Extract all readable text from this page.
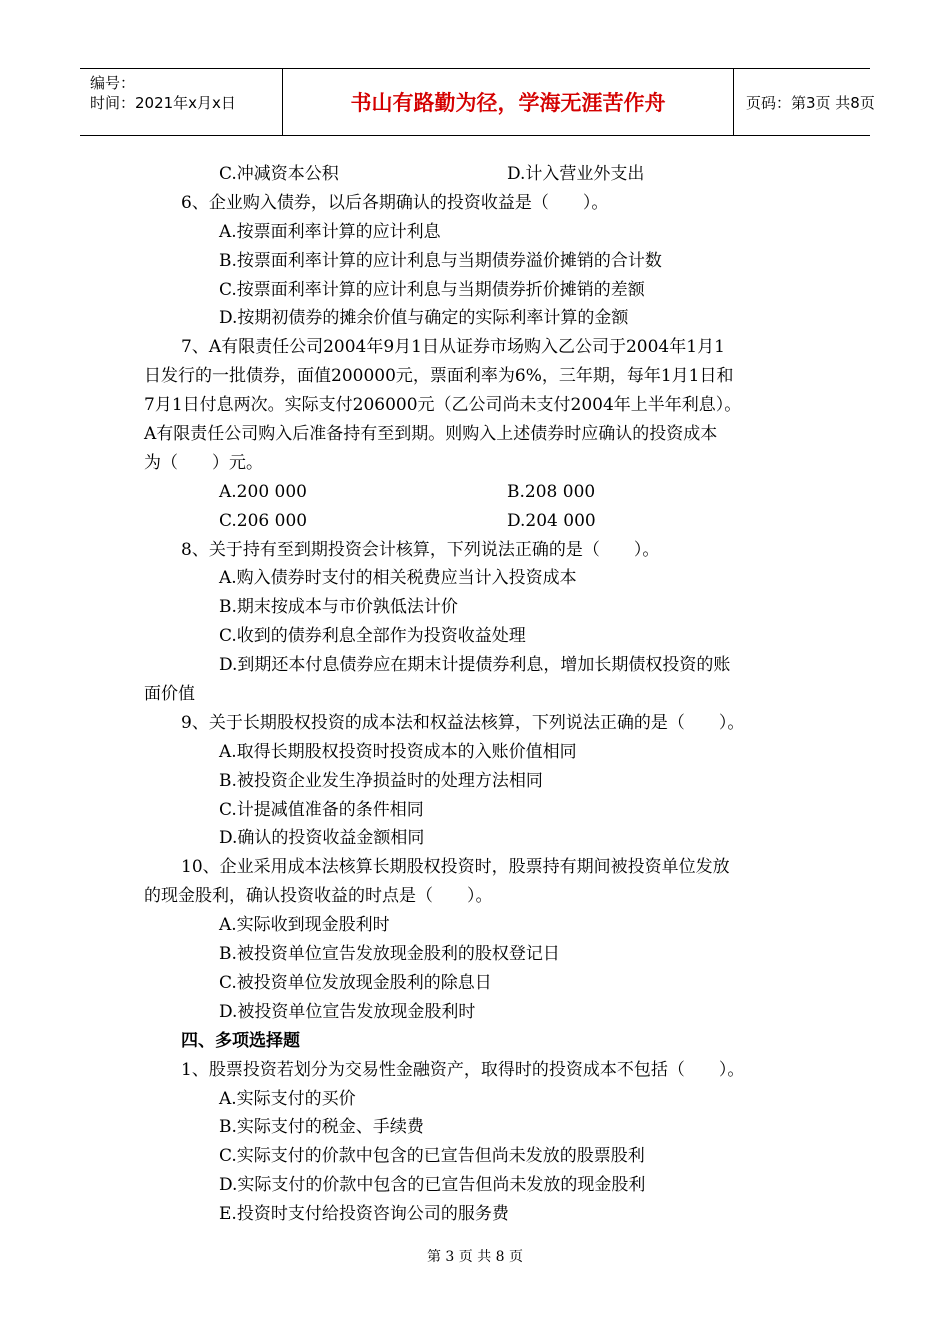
编号：
时间：2021年x月x日	书山有路勤为径，学海无涯苦作舟	页码：第3页 共8页
C.冲减资本公积	D.计入营业外支出
6、企业购入债券，以后各期确认的投资收益是（　　）。
A.按票面利率计算的应计利息
B.按票面利率计算的应计利息与当期债券溢价摊销的合计数
C.按票面利率计算的应计利息与当期债券折价摊销的差额
D.按期初债券的摊余价值与确定的实际利率计算的金额
7、A有限责任公司2004年9月1日从证券市场购入乙公司于2004年1月1
日发行的一批债券，面值200000元，票面利率为6%，三年期，每年1月1日和
7月1日付息两次。实际支付206000元（乙公司尚未支付2004年上半年利息）。
A有限责任公司购入后准备持有至到期。则购入上述债券时应确认的投资成本
为（　　）元。
A.200 000	B.208 000
C.206 000	D.204 000
8、关于持有至到期投资会计核算，下列说法正确的是（　　）。
A.购入债券时支付的相关税费应当计入投资成本
B.期末按成本与市价孰低法计价
C.收到的债券利息全部作为投资收益处理
D.到期还本付息债券应在期末计提债券利息，增加长期债权投资的账
面价值
9、关于长期股权投资的成本法和权益法核算，下列说法正确的是（　　）。
A.取得长期股权投资时投资成本的入账价值相同
B.被投资企业发生净损益时的处理方法相同
C.计提减值准备的条件相同
D.确认的投资收益金额相同
10、企业采用成本法核算长期股权投资时，股票持有期间被投资单位发放
的现金股利，确认投资收益的时点是（　　）。
A.实际收到现金股利时
B.被投资单位宣告发放现金股利的股权登记日
C.被投资单位发放现金股利的除息日
D.被投资单位宣告发放现金股利时
四、多项选择题
1、股票投资若划分为交易性金融资产，取得时的投资成本不包括（　　）。
A.实际支付的买价
B.实际支付的税金、手续费
C.实际支付的价款中包含的已宣告但尚未发放的股票股利
D.实际支付的价款中包含的已宣告但尚未发放的现金股利
E.投资时支付给投资咨询公司的服务费
第 3 页 共 8 页
